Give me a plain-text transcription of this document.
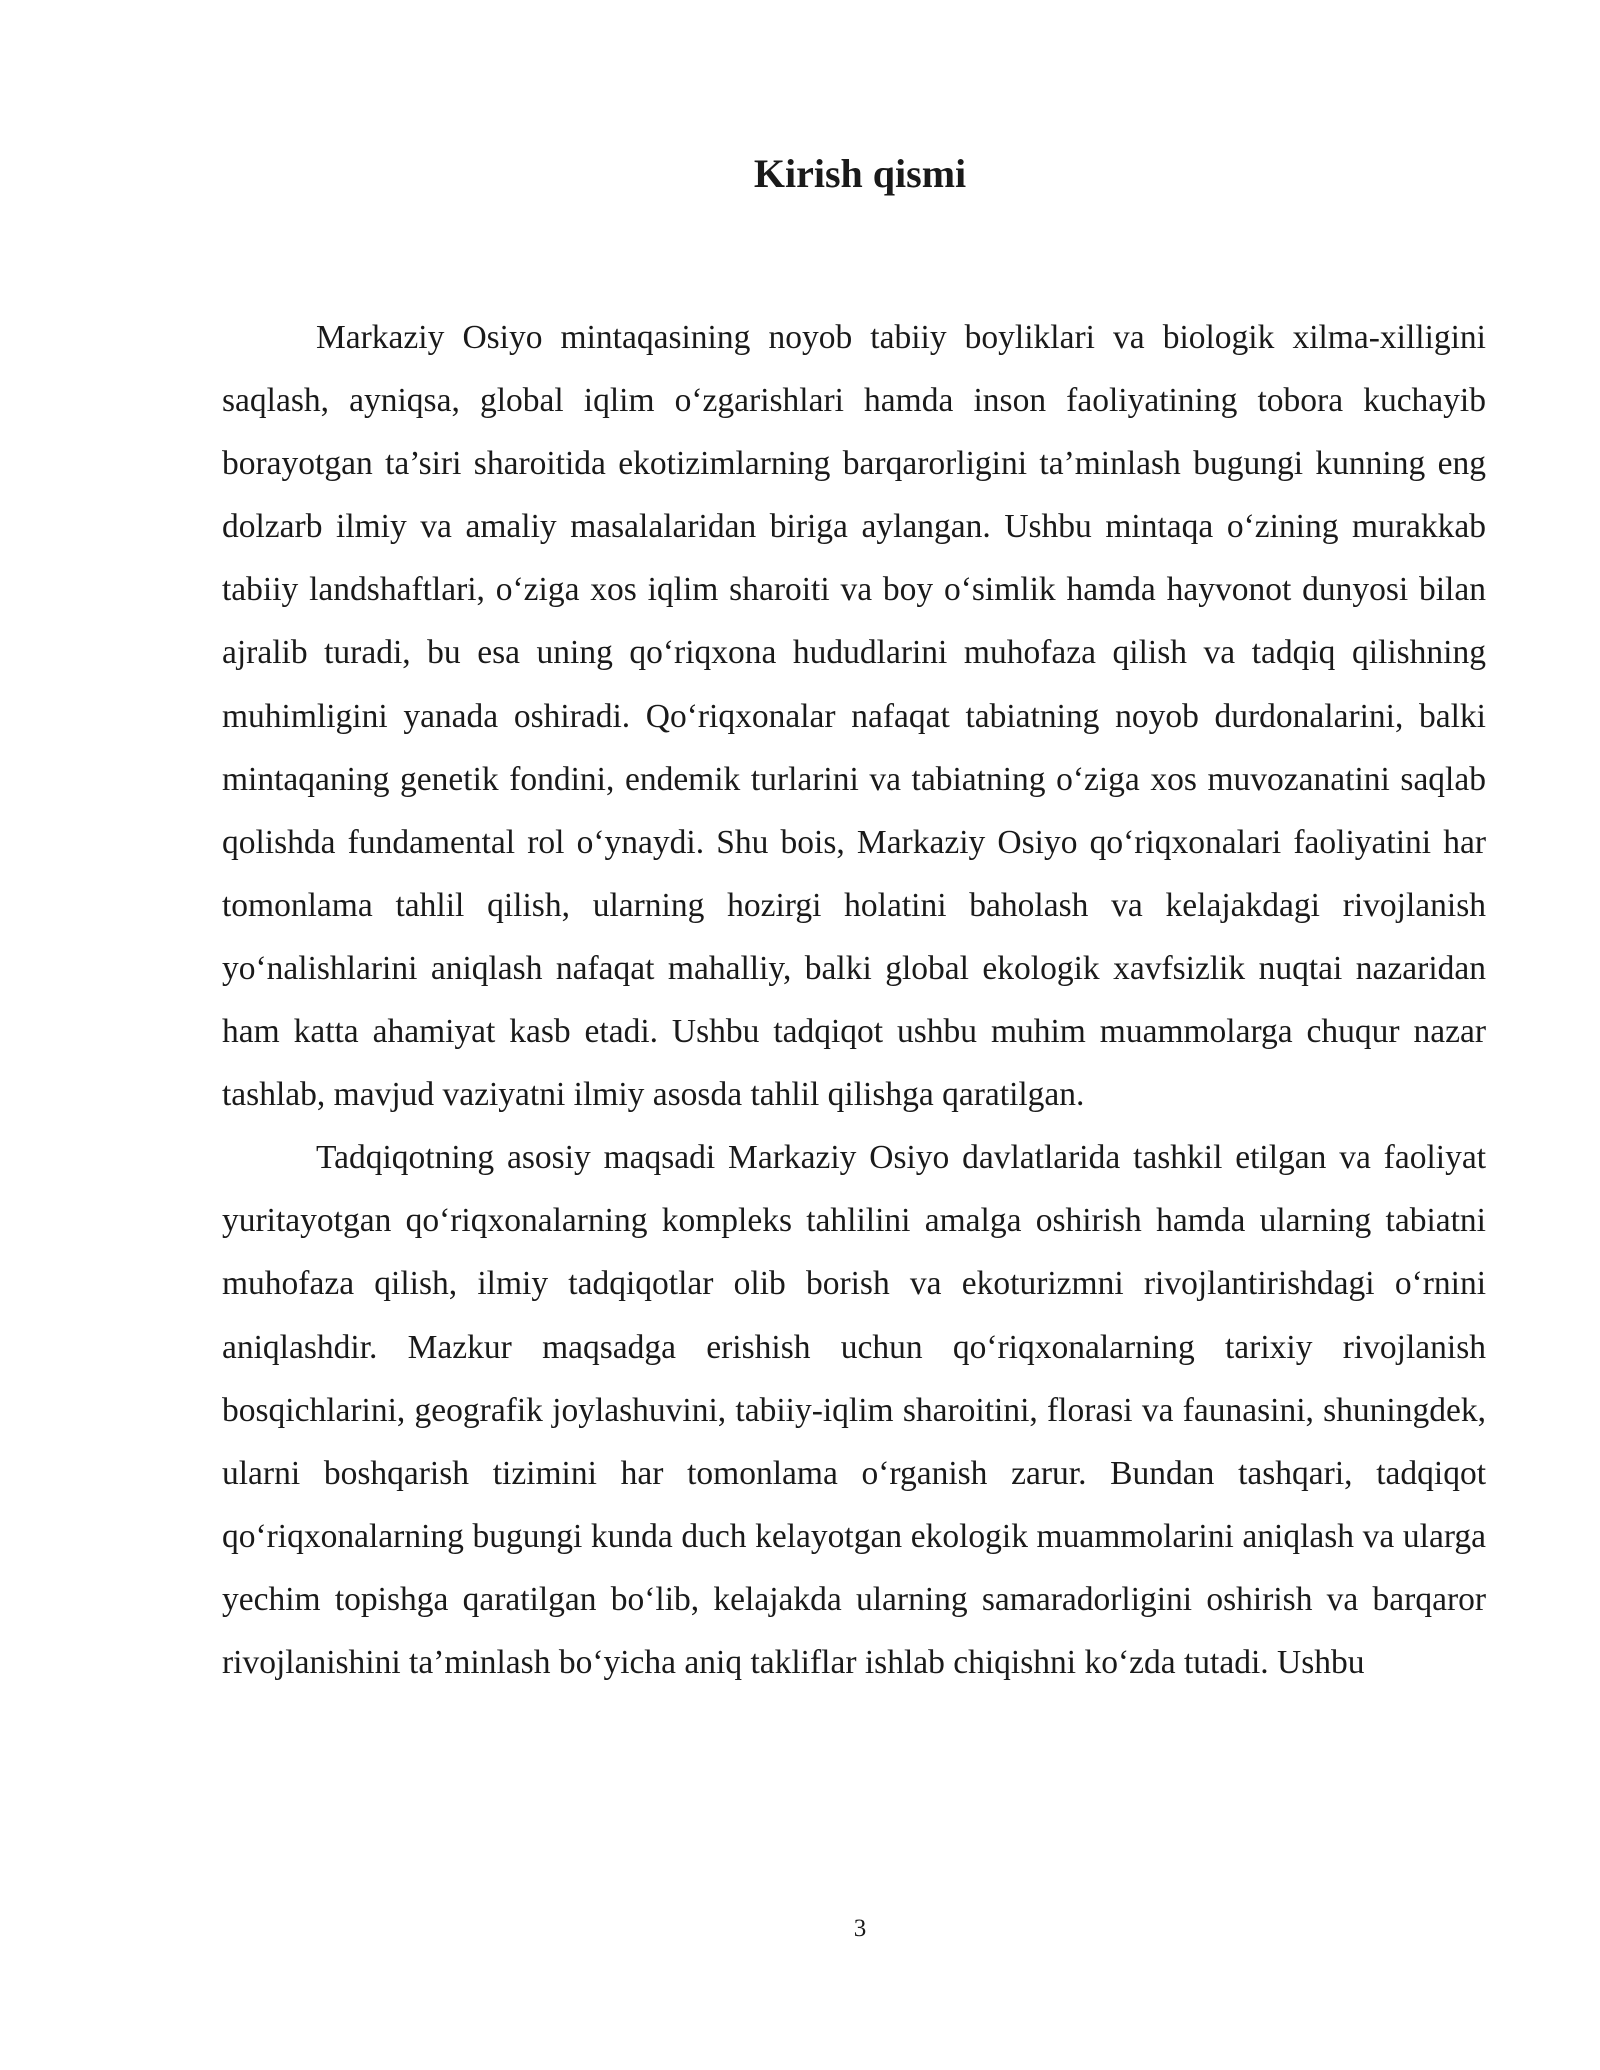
Kirish qismi

Markaziy Osiyo mintaqasining noyob tabiiy boyliklari va biologik xilma-xilligini saqlash, ayniqsa, global iqlim o‘zgarishlari hamda inson faoliyatining tobora kuchayib borayotgan ta’siri sharoitida ekotizimlarning barqarorligini ta’minlash bugungi kunning eng dolzarb ilmiy va amaliy masalalaridan biriga aylangan. Ushbu mintaqa o‘zining murakkab tabiiy landshaftlari, o‘ziga xos iqlim sharoiti va boy o‘simlik hamda hayvonot dunyosi bilan ajralib turadi, bu esa uning qo‘riqxona hududlarini muhofaza qilish va tadqiq qilishning muhimligini yanada oshiradi. Qo‘riqxonalar nafaqat tabiatning noyob durdonalarini, balki mintaqaning genetik fondini, endemik turlarini va tabiatning o‘ziga xos muvozanatini saqlab qolishda fundamental rol o‘ynaydi. Shu bois, Markaziy Osiyo qo‘riqxonalari faoliyatini har tomonlama tahlil qilish, ularning hozirgi holatini baholash va kelajakdagi rivojlanish yo‘nalishlarini aniqlash nafaqat mahalliy, balki global ekologik xavfsizlik nuqtai nazaridan ham katta ahamiyat kasb etadi. Ushbu tadqiqot ushbu muhim muammolarga chuqur nazar tashlab, mavjud vaziyatni ilmiy asosda tahlil qilishga qaratilgan.

Tadqiqotning asosiy maqsadi Markaziy Osiyo davlatlarida tashkil etilgan va faoliyat yuritayotgan qo‘riqxonalarning kompleks tahlilini amalga oshirish hamda ularning tabiatni muhofaza qilish, ilmiy tadqiqotlar olib borish va ekoturizmni rivojlantirishdagi o‘rnini aniqlashdir. Mazkur maqsadga erishish uchun qo‘riqxonalarning tarixiy rivojlanish bosqichlarini, geografik joylashuvini, tabiiy-iqlim sharoitini, florasi va faunasini, shuningdek, ularni boshqarish tizimini har tomonlama o‘rganish zarur. Bundan tashqari, tadqiqot qo‘riqxonalarning bugungi kunda duch kelayotgan ekologik muammolarini aniqlash va ularga yechim topishga qaratilgan bo‘lib, kelajakda ularning samaradorligini oshirish va barqaror rivojlanishini ta’minlash bo‘yicha aniq takliflar ishlab chiqishni ko‘zda tutadi. Ushbu

3
